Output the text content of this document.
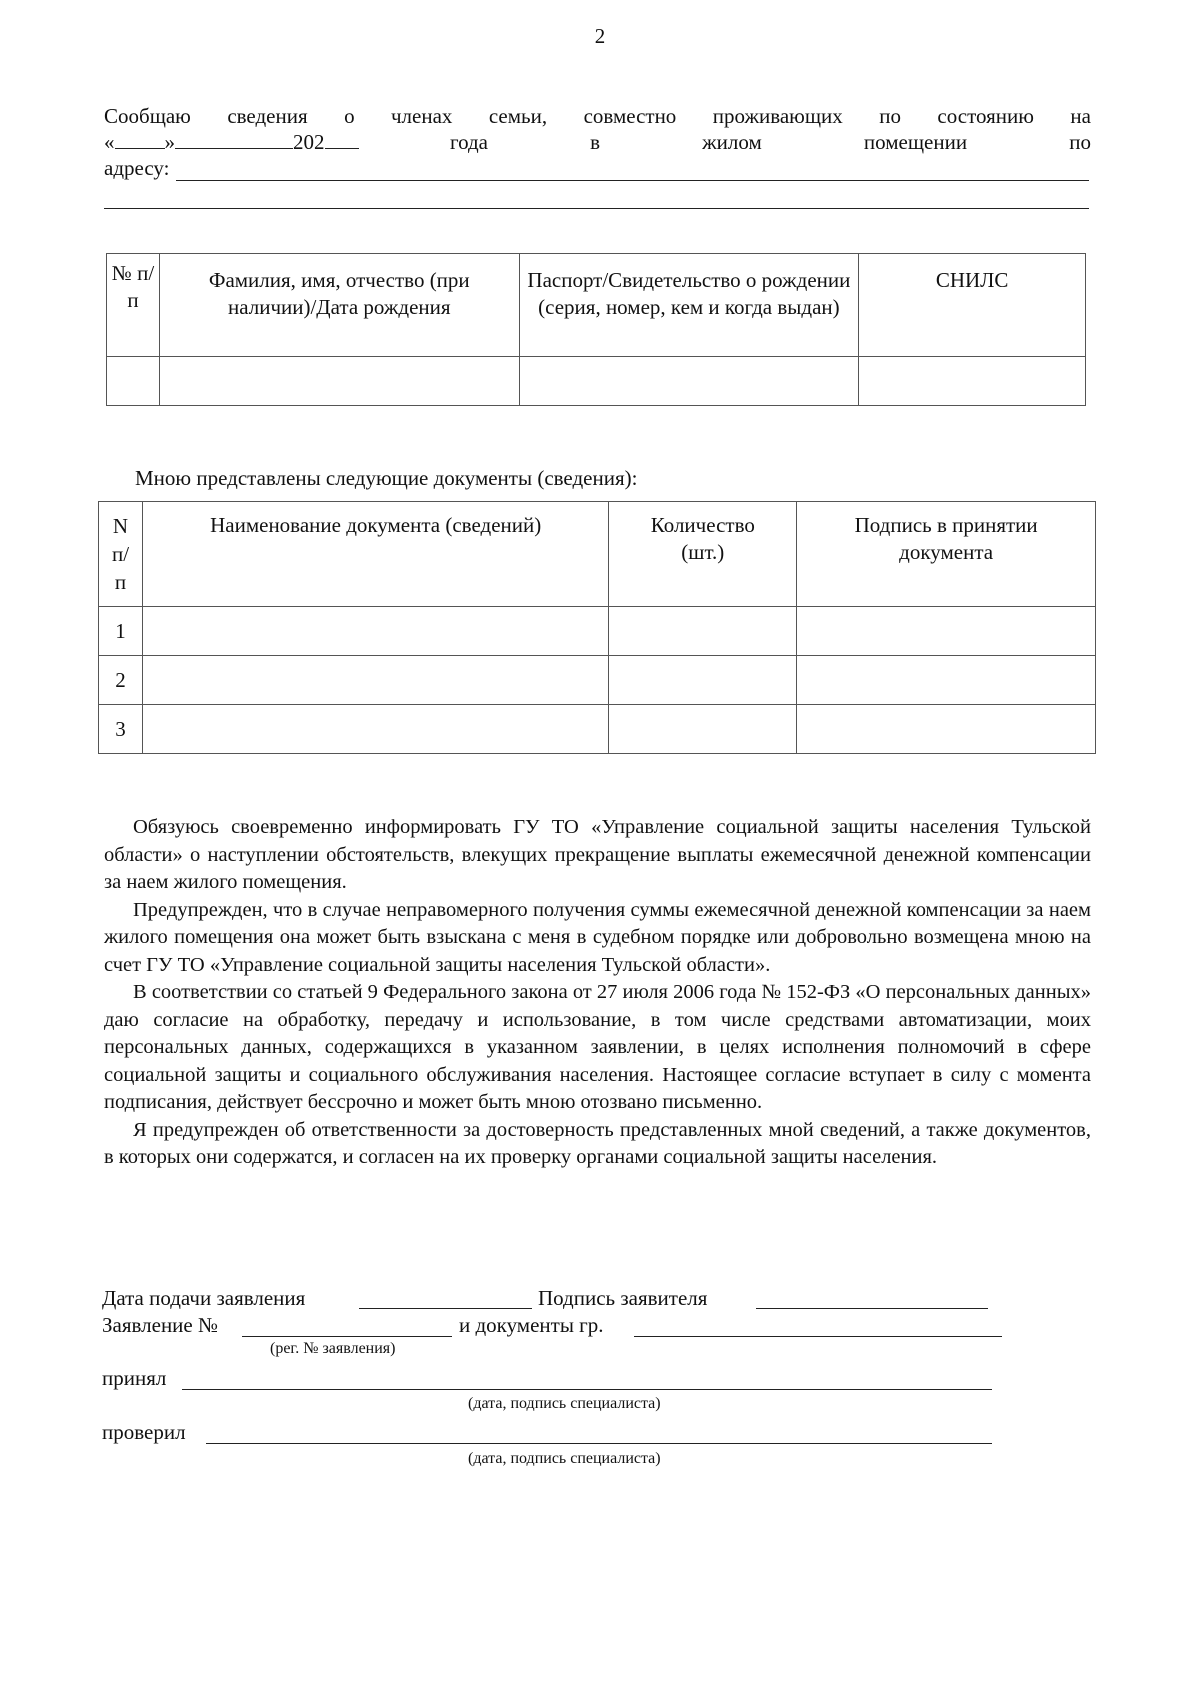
2
Сообщаю сведения о членах семьи, совместно проживающих по состоянию на
« »	202	года	в	жилом	помещении	по
адресу:
№ п/п	Фамилия, имя, отчество (при наличии)/Дата рождения	Паспорт/Свидетельство о рождении (серия, номер, кем и когда выдан)	СНИЛС

Мною представлены следующие документы (сведения):
N п/ п	Наименование документа (сведений)	Количество (шт.)	Подпись в принятии документа
1			
2			
3			

Обязуюсь своевременно информировать ГУ ТО «Управление социальной защиты населения Тульской области» о наступлении обстоятельств, влекущих прекращение выплаты ежемесячной денежной компенсации за наем жилого помещения.

Предупрежден, что в случае неправомерного получения суммы ежемесячной денежной компенсации за наем жилого помещения она может быть взыскана с меня в судебном порядке или добровольно возмещена мною на счет ГУ ТО «Управление социальной защиты населения Тульской области».

В соответствии со статьей 9 Федерального закона от 27 июля 2006 года № 152-ФЗ «О персональных данных» даю согласие на обработку, передачу и использование, в том числе средствами автоматизации, моих персональных данных, содержащихся в указанном заявлении, в целях исполнения полномочий в сфере социальной защиты и социального обслуживания населения. Настоящее согласие вступает в силу с момента подписания, действует бессрочно и может быть мною отозвано письменно.

Я предупрежден об ответственности за достоверность представленных мной сведений, а также документов, в которых они содержатся, и согласен на их проверку органами социальной защиты населения.

Дата подачи заявления	Подпись заявителя
Заявление №	и документы гр.
(рег. № заявления)
принял
(дата, подпись специалиста)
проверил
(дата, подпись специалиста)
